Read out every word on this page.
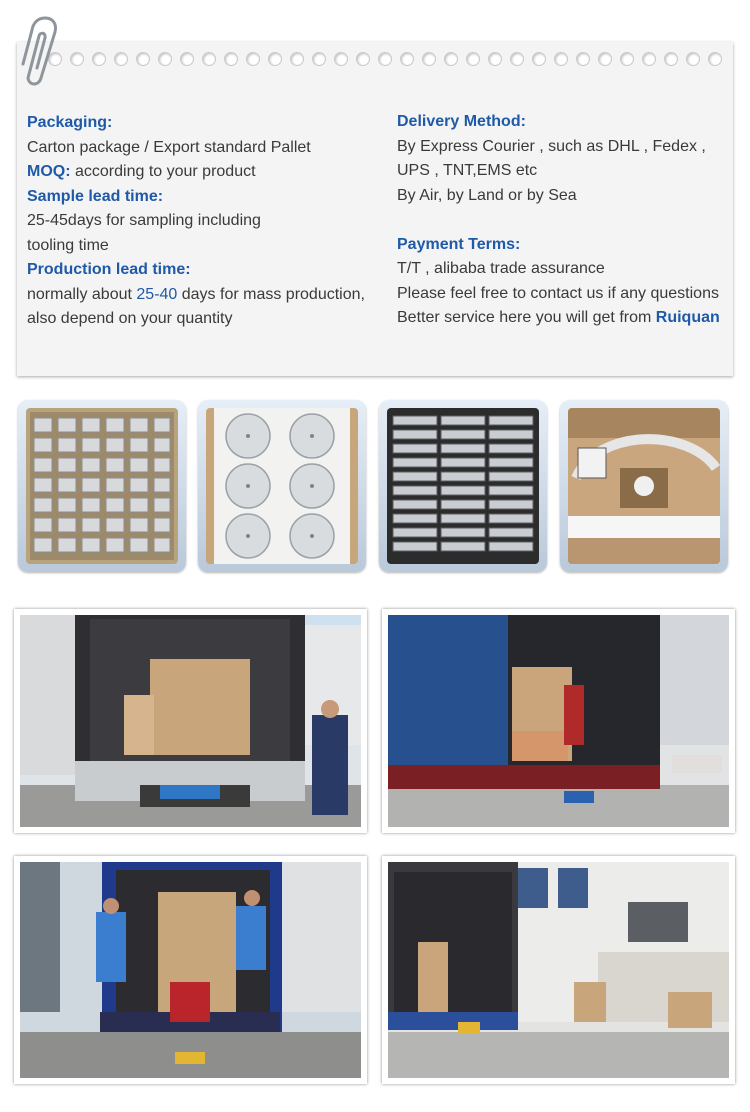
Packaging:
Carton package / Export standard Pallet
MOQ: according to your product
Sample lead time:
25-45days for sampling including
tooling time
Production lead time:
normally about 25-40 days for mass production,
also depend on your quantity
Delivery Method:
By Express Courier , such as DHL , Fedex ,
UPS , TNT,EMS etc
By Air, by Land or by Sea
Payment Terms:
T/T , alibaba trade assurance
Please feel free to contact us if any questions
Better service here you will get from Ruiquan
